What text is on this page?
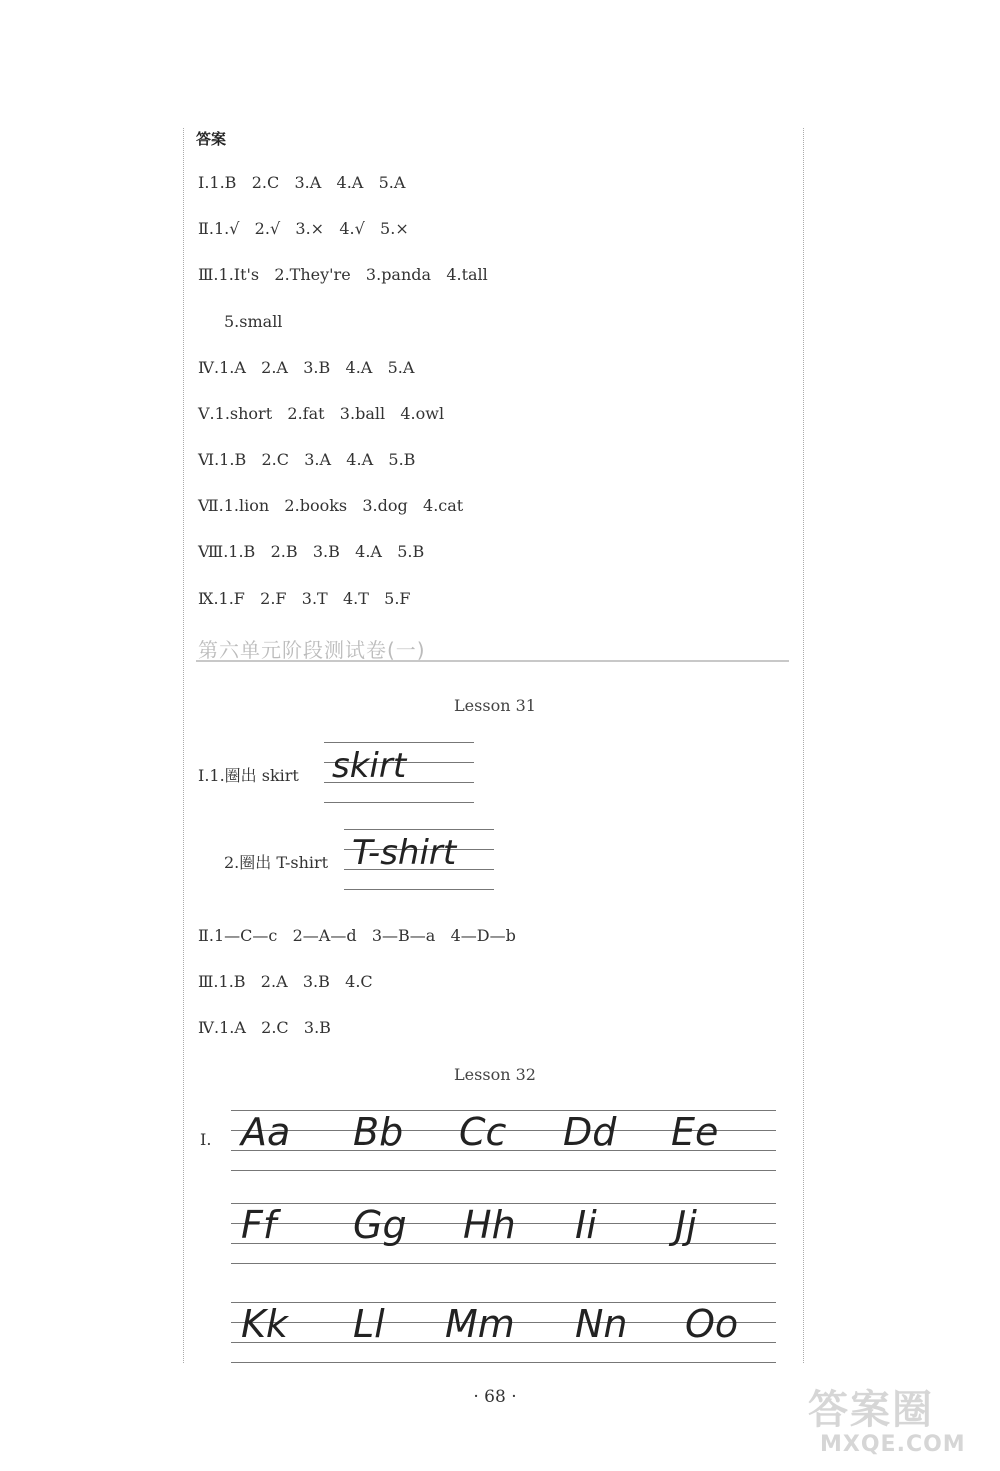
答案
Ⅰ.1.B   2.C   3.A   4.A   5.A
Ⅱ.1.√   2.√   3.×   4.√   5.×
Ⅲ.1.It's   2.They're   3.panda   4.tall
5.small
Ⅳ.1.A   2.A   3.B   4.A   5.A
Ⅴ.1.short   2.fat   3.ball   4.owl
Ⅵ.1.B   2.C   3.A   4.A   5.B
Ⅶ.1.lion   2.books   3.dog   4.cat
Ⅷ.1.B   2.B   3.B   4.A   5.B
Ⅸ.1.F   2.F   3.T   4.T   5.F
第六单元阶段测试卷(一)
Lesson 31
Ⅰ.1.圈出 skirt skirt
2.圈出 T-shirt T-shirt
Ⅱ.1—C—c   2—A—d   3—B—a   4—D—b
Ⅲ.1.B   2.A   3.B   4.C
Ⅳ.1.A   2.C   3.B
Lesson 32
Ⅰ. Aa Bb Cc Dd Ee
Ff Gg Hh Ii Jj
Kk Ll Mm Nn Oo
· 68 ·	答案圈
MXQE.COM
